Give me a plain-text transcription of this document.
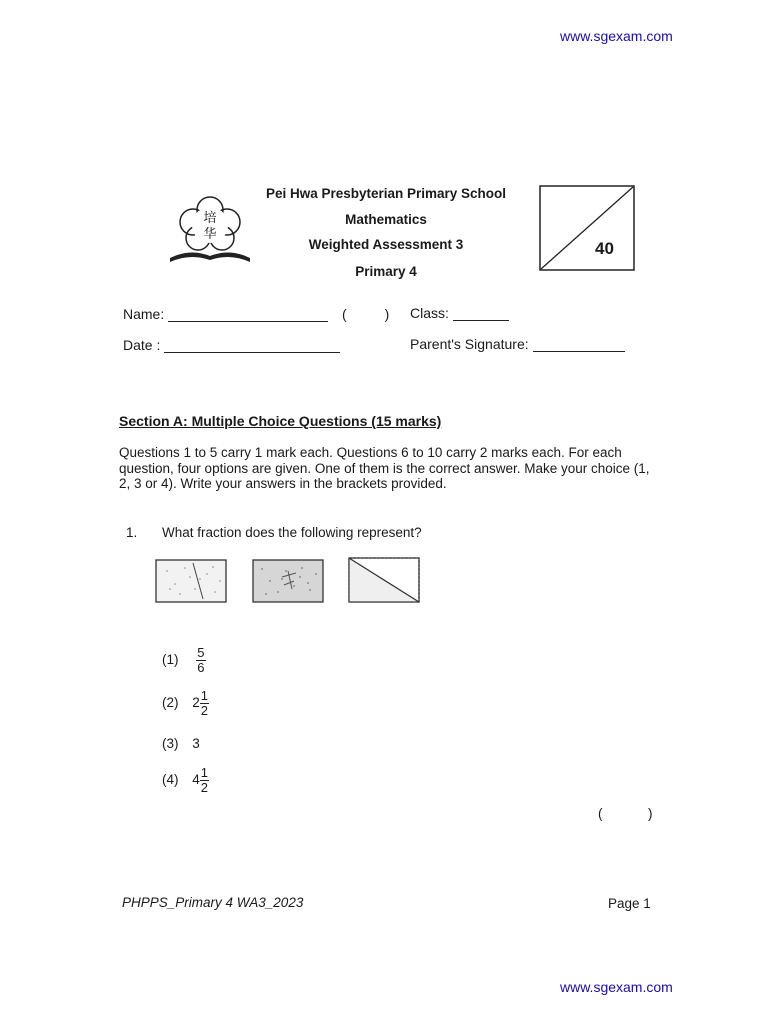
www.sgexam.com
培
华
Pei Hwa Presbyterian Primary School
Mathematics
Weighted Assessment 3
Primary 4
40
Name:	(	) Class:
Date :	Parent's Signature:
Section A: Multiple Choice Questions (15 marks)
Questions 1 to 5 carry 1 mark each. Questions 6 to 10 carry 2 marks each. For each question, four options are given. One of them is the correct answer. Make your choice (1, 2, 3 or 4). Write your answers in the brackets provided.
1. What fraction does the following represent?
$(1) \frac{5}{6}$
(2) $2 \frac{1}{2}$
(3) 3
(4) $4 \frac{1}{2}$
(	)
PHPPS_Primary 4 WA3_2023	Page 1
www.sgexam.com
